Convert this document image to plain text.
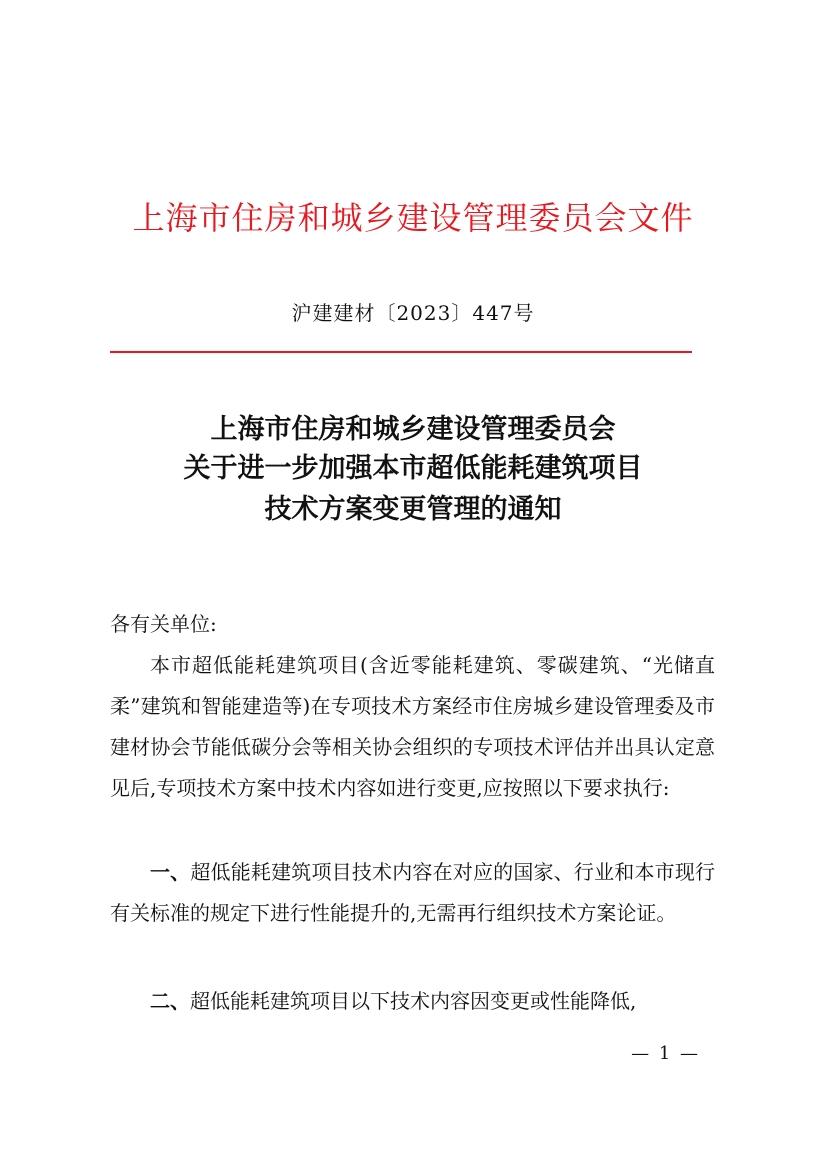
上海市住房和城乡建设管理委员会文件
沪建建材〔2023〕447号
上海市住房和城乡建设管理委员会
关于进一步加强本市超低能耗建筑项目
技术方案变更管理的通知
各有关单位:
本市超低能耗建筑项目(含近零能耗建筑、零碳建筑、“光储直柔”建筑和智能建造等)在专项技术方案经市住房城乡建设管理委及市建材协会节能低碳分会等相关协会组织的专项技术评估并出具认定意见后,专项技术方案中技术内容如进行变更,应按照以下要求执行:
一、超低能耗建筑项目技术内容在对应的国家、行业和本市现行有关标准的规定下进行性能提升的,无需再行组织技术方案论证。
二、超低能耗建筑项目以下技术内容因变更或性能降低,
— 1 —
